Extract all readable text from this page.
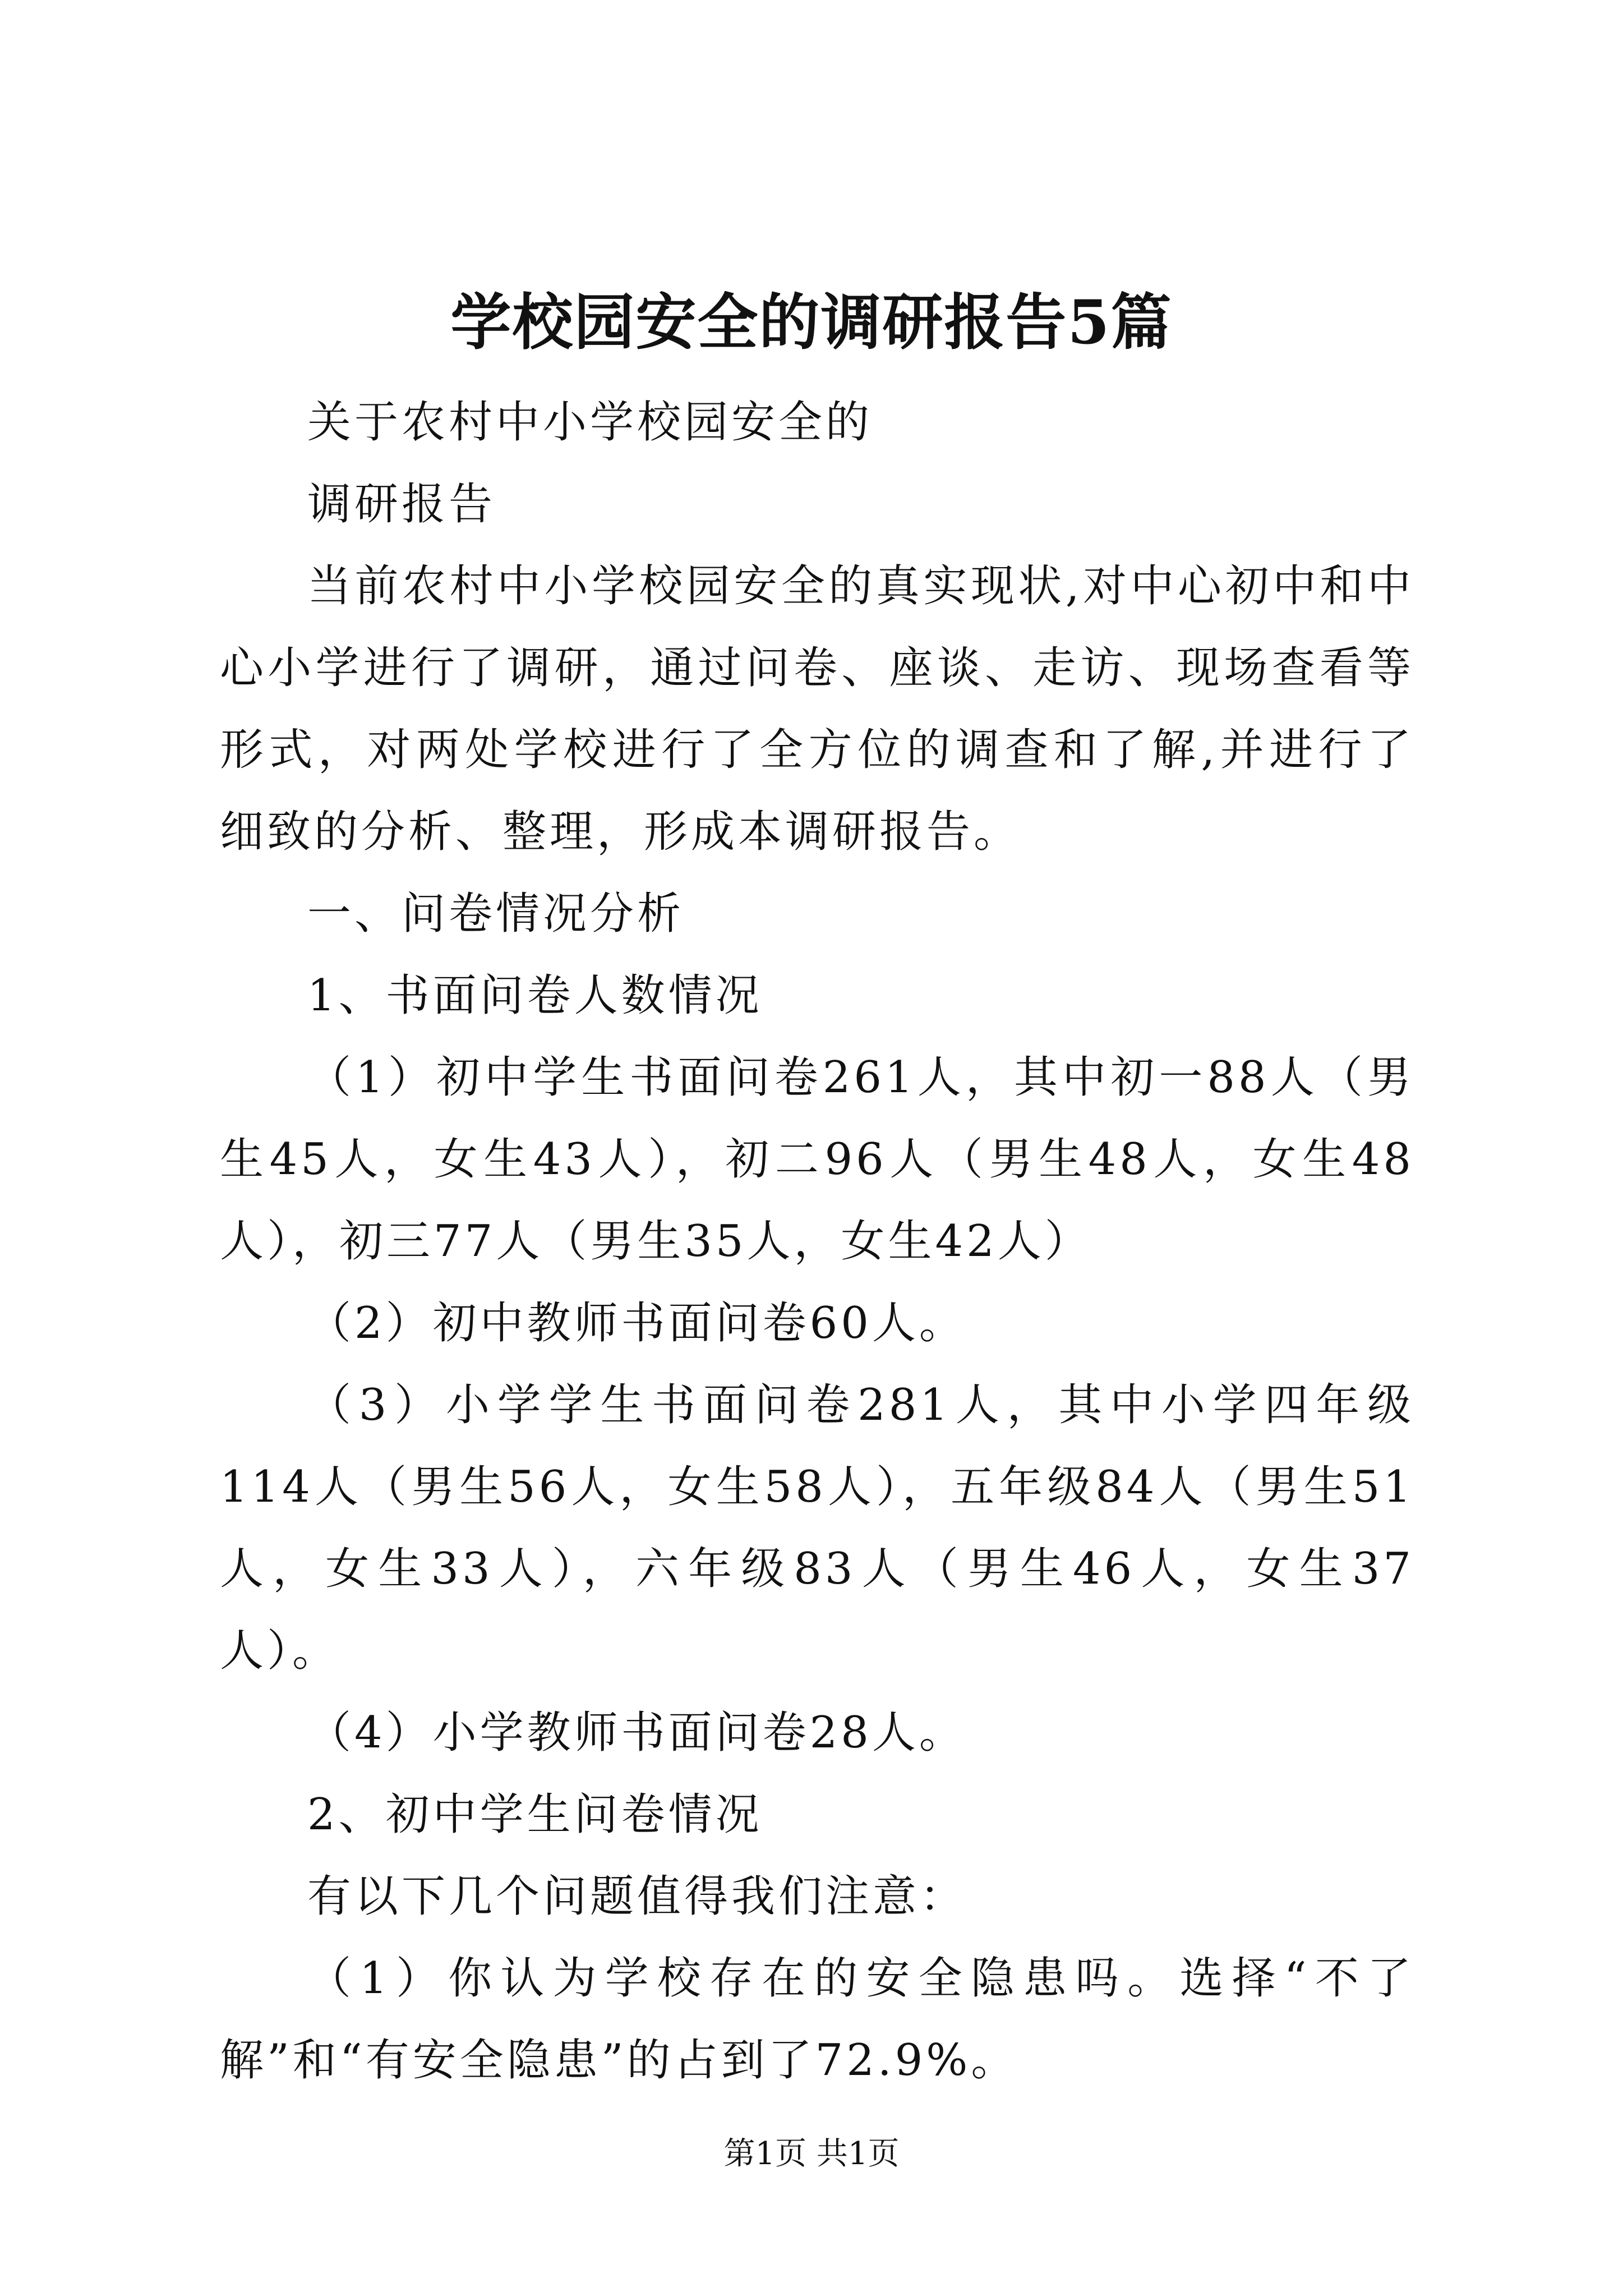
学校园安全的调研报告5篇

关于农村中小学校园安全的

调研报告

当前农村中小学校园安全的真实现状,对中心初中和中心小学进行了调研，通过问卷、座谈、走访、现场查看等形式，对两处学校进行了全方位的调查和了解,并进行了细致的分析、整理，形成本调研报告。

一、问卷情况分析

1、书面问卷人数情况

（1）初中学生书面问卷261人，其中初一88人（男生45人，女生43人），初二96人（男生48人，女生48人），初三77人（男生35人，女生42人）

（2）初中教师书面问卷60人。

（3）小学学生书面问卷281人，其中小学四年级114人（男生56人，女生58人），五年级84人（男生51人，女生33人），六年级83人（男生46人，女生37人）。

（4）小学教师书面问卷28人。

2、初中学生问卷情况

有以下几个问题值得我们注意：

（1）你认为学校存在的安全隐患吗。选择“不了解”和“有安全隐患”的占到了72.9%。

第1页 共1页
